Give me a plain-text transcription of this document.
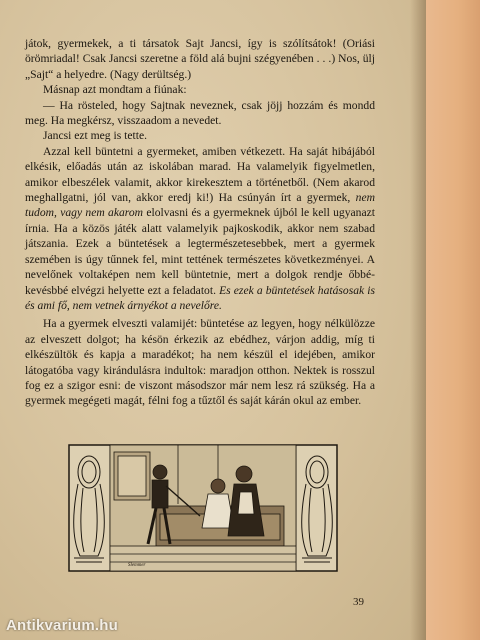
játok, gyermekek, a ti társatok Sajt Jancsi, így is szólítsátok! (Oriási örömriadal! Csak Jancsi szeretne a föld alá bujni szégyenében . . .) Nos, ülj „Sajt“ a helyedre. (Nagy derültség.)

Másnap azt mondtam a fiúnak:

— Ha rösteled, hogy Sajtnak neveznek, csak jöjj hozzám és mondd meg. Ha megkérsz, visszaadom a nevedet.

Jancsi ezt meg is tette.

Azzal kell büntetni a gyermeket, amiben vétkezett. Ha saját hibájából elkésik, előadás után az iskolában marad. Ha valamelyik figyelmetlen, amikor elbeszélek valamit, akkor kirekesztem a történetből. (Nem akarod meghallgatni, jól van, akkor eredj ki!) Ha csúnyán írt a gyermek, nem tudom, vagy nem akarom elolvasni és a gyermeknek újból le kell ugyanazt írnia. Ha a közös játék alatt valamelyik pajkoskodik, akkor nem szabad játszania. Ezek a büntetések a legtermészetesebbek, mert a gyermek szemében is úgy tűnnek fel, mint tettének természetes következményei. A nevelőnek voltaképen nem kell büntetnie, mert a dolgok rendje őbbé-kevésbbé elvégzi helyette ezt a feladatot. Es ezek a büntetések hatásosak is és ami fő, nem vetnek árnyékot a nevelőre.

Ha a gyermek elveszti valamijét: büntetése az legyen, hogy nélkülözze az elveszett dolgot; ha késön érkezik az ebédhez, várjon addig, míg ti elkészültök és kapja a maradékot; ha nem készül el idejében, amikor látogatóba vagy kirándulásra indultok: maradjon otthon. Nektek is rosszul fog ez a szigor esni: de viszont másodszor már nem lesz rá szükség. Ha a gyermek megégeti magát, félni fog a tűztől és saját kárán okul az ember.

Slemmer
39
Antikvarium.hu
